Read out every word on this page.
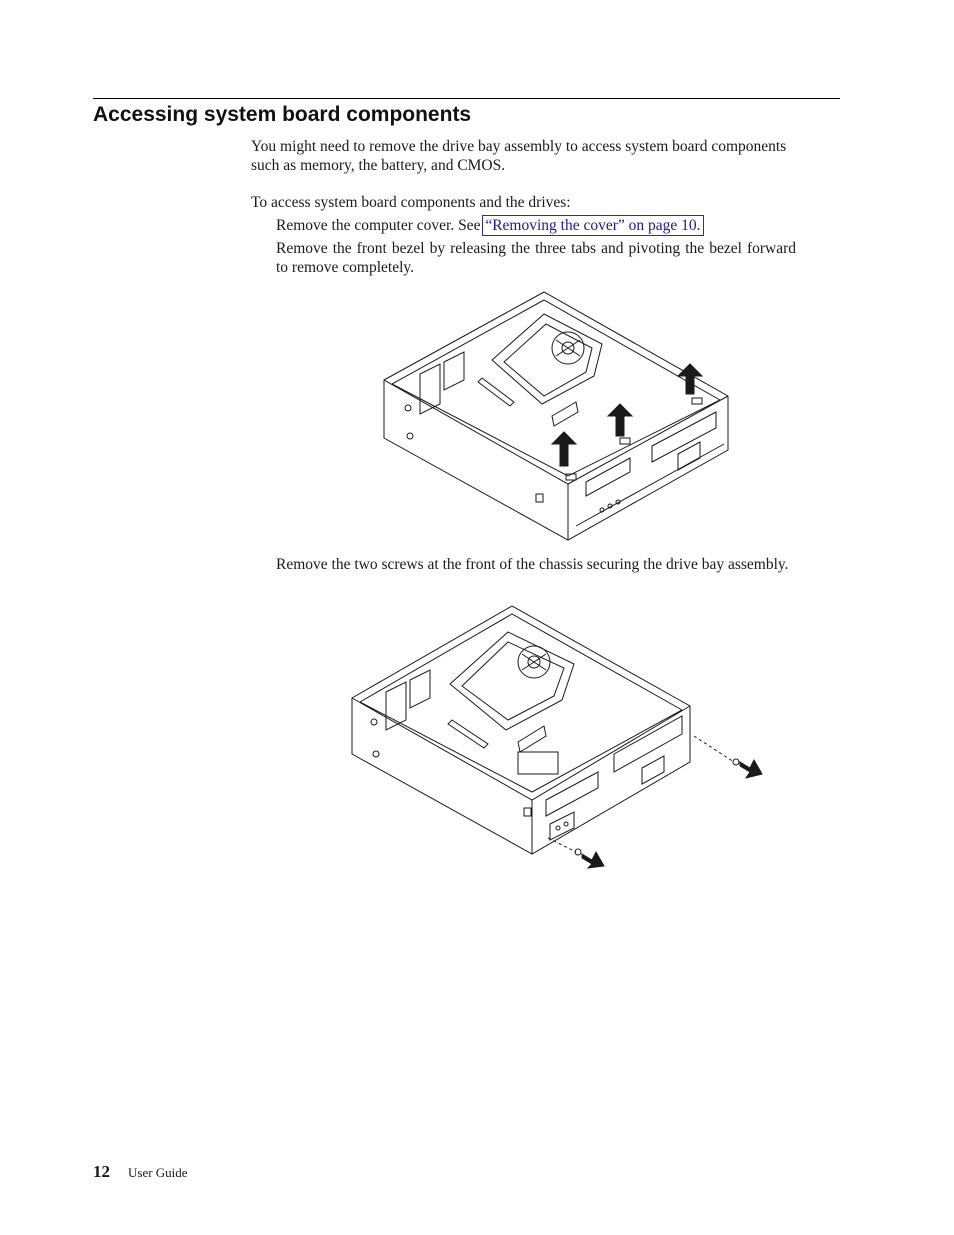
Accessing system board components

You might need to remove the drive bay assembly to access system board components such as memory, the battery, and CMOS.

To access system board components and the drives:

Remove the computer cover. See “Removing the cover” on page 10.

Remove the front bezel by releasing the three tabs and pivoting the bezel forward to remove completely.

Remove the two screws at the front of the chassis securing the drive bay assembly.

12 User Guide
